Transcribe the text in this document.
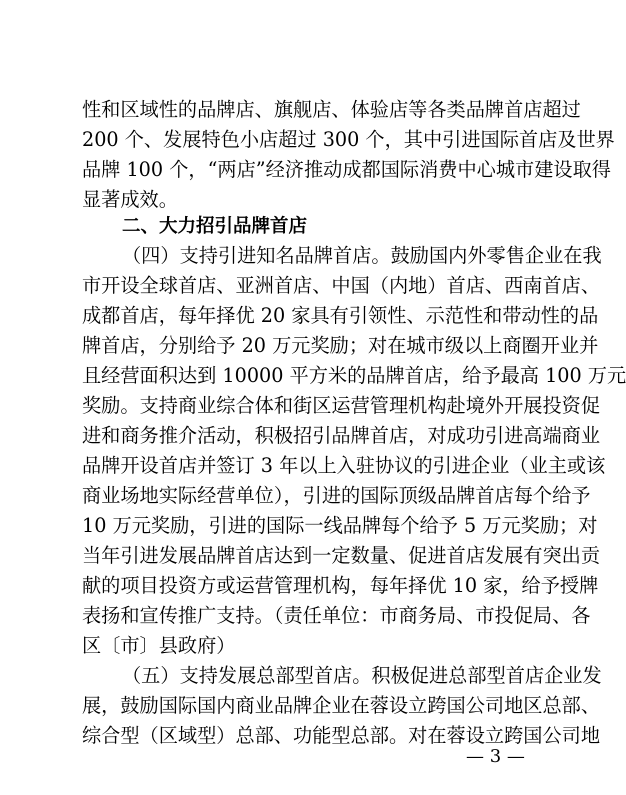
性和区域性的品牌店、旗舰店、体验店等各类品牌首店超过
200 个、发展特色小店超过 300 个，其中引进国际首店及世界
品牌 100 个，“两店”经济推动成都国际消费中心城市建设取得
显著成效。
二、大力招引品牌首店
（四）支持引进知名品牌首店。鼓励国内外零售企业在我
市开设全球首店、亚洲首店、中国（内地）首店、西南首店、
成都首店，每年择优 20 家具有引领性、示范性和带动性的品
牌首店，分别给予 20 万元奖励；对在城市级以上商圈开业并
且经营面积达到 10000 平方米的品牌首店，给予最高 100 万元
奖励。支持商业综合体和街区运营管理机构赴境外开展投资促
进和商务推介活动，积极招引品牌首店，对成功引进高端商业
品牌开设首店并签订 3 年以上入驻协议的引进企业（业主或该
商业场地实际经营单位），引进的国际顶级品牌首店每个给予
10 万元奖励，引进的国际一线品牌每个给予 5 万元奖励；对
当年引进发展品牌首店达到一定数量、促进首店发展有突出贡
献的项目投资方或运营管理机构，每年择优 10 家，给予授牌
表扬和宣传推广支持。（责任单位：市商务局、市投促局、各
区〔市〕县政府）
（五）支持发展总部型首店。积极促进总部型首店企业发
展，鼓励国际国内商业品牌企业在蓉设立跨国公司地区总部、
综合型（区域型）总部、功能型总部。对在蓉设立跨国公司地
— 3 —
